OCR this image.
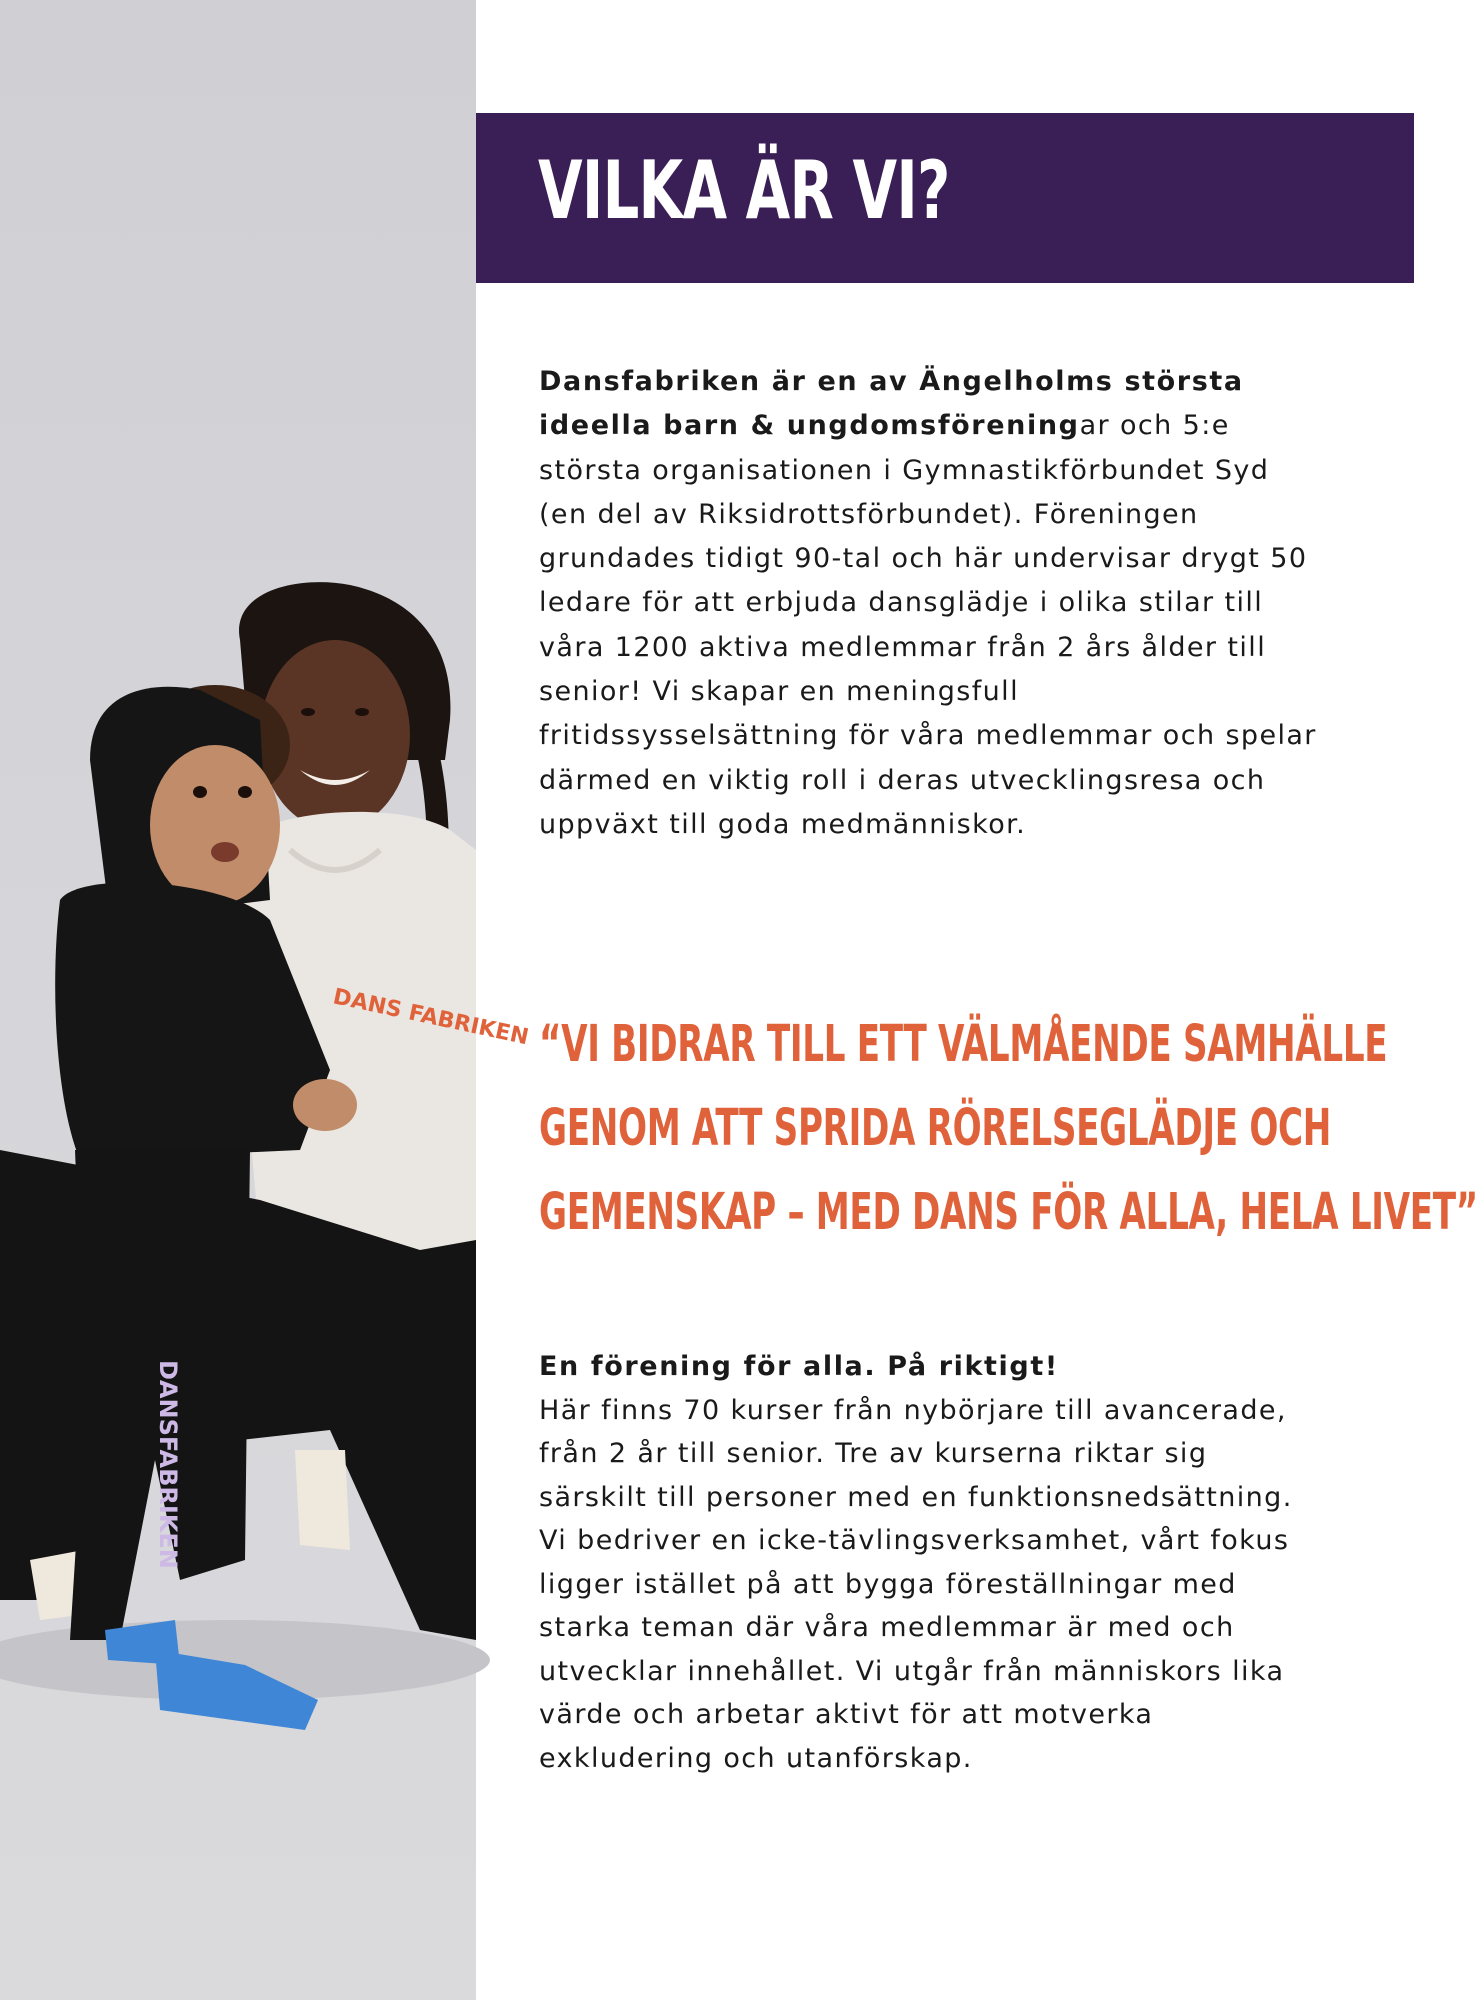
DANS FABRIKEN
DANSFABRIKEN
VILKA ÄR VI?

Dansfabriken är en av Ängelholms största ideella barn & ungdomsföreningar och 5:e största organisationen i Gymnastikförbundet Syd (en del av Riksidrottsförbundet). Föreningen grundades tidigt 90-tal och här undervisar drygt 50 ledare för att erbjuda dansglädje i olika stilar till våra 1200 aktiva medlemmar från 2 års ålder till senior! Vi skapar en meningsfull fritidssysselsättning för våra medlemmar och spelar därmed en viktig roll i deras utvecklingsresa och uppväxt till goda medmänniskor.

“VI BIDRAR TILL ETT VÄLMÅENDE SAMHÄLLE
GENOM ATT SPRIDA RÖRELSEGLÄDJE OCH
GEMENSKAP – MED DANS FÖR ALLA, HELA LIVET”

En förening för alla. På riktigt!
Här finns 70 kurser från nybörjare till avancerade, från 2 år till senior. Tre av kurserna riktar sig särskilt till personer med en funktionsnedsättning. Vi bedriver en icke-tävlingsverksamhet, vårt fokus ligger istället på att bygga föreställningar med starka teman där våra medlemmar är med och utvecklar innehållet. Vi utgår från människors lika värde och arbetar aktivt för att motverka exkludering och utanförskap.
